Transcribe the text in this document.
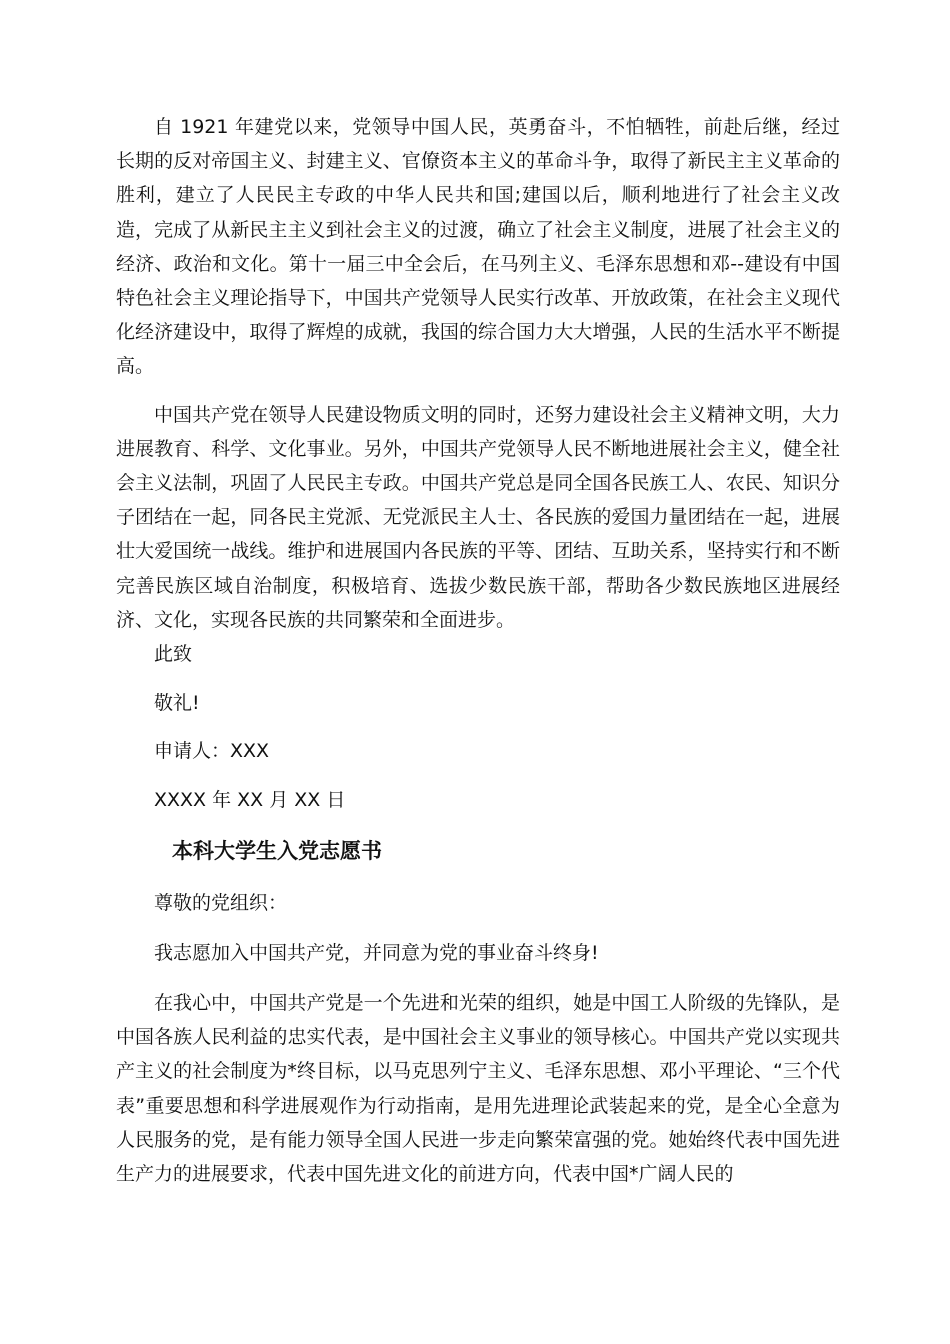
自 1921 年建党以来，党领导中国人民，英勇奋斗，不怕牺牲，前赴后继，经过长期的反对帝国主义、封建主义、官僚资本主义的革命斗争，取得了新民主主义革命的胜利，建立了人民民主专政的中华人民共和国;建国以后，顺利地进行了社会主义改造，完成了从新民主主义到社会主义的过渡，确立了社会主义制度，进展了社会主义的经济、政治和文化。第十一届三中全会后，在马列主义、毛泽东思想和邓--建设有中国特色社会主义理论指导下，中国共产党领导人民实行改革、开放政策，在社会主义现代化经济建设中，取得了辉煌的成就，我国的综合国力大大增强，人民的生活水平不断提高。

中国共产党在领导人民建设物质文明的同时，还努力建设社会主义精神文明，大力进展教育、科学、文化事业。另外，中国共产党领导人民不断地进展社会主义，健全社会主义法制，巩固了人民民主专政。中国共产党总是同全国各民族工人、农民、知识分子团结在一起，同各民主党派、无党派民主人士、各民族的爱国力量团结在一起，进展壮大爱国统一战线。维护和进展国内各民族的平等、团结、互助关系，坚持实行和不断完善民族区域自治制度，积极培育、选拔少数民族干部，帮助各少数民族地区进展经济、文化，实现各民族的共同繁荣和全面进步。

此致
敬礼!
申请人：XXX
XXXX 年 XX 月 XX 日
本科大学生入党志愿书
尊敬的党组织：
我志愿加入中国共产党，并同意为党的事业奋斗终身!

在我心中，中国共产党是一个先进和光荣的组织，她是中国工人阶级的先锋队，是中国各族人民利益的忠实代表，是中国社会主义事业的领导核心。中国共产党以实现共产主义的社会制度为*终目标，以马克思列宁主义、毛泽东思想、邓小平理论、“三个代表”重要思想和科学进展观作为行动指南，是用先进理论武装起来的党，是全心全意为人民服务的党，是有能力领导全国人民进一步走向繁荣富强的党。她始终代表中国先进生产力的进展要求，代表中国先进文化的前进方向，代表中国*广阔人民的
